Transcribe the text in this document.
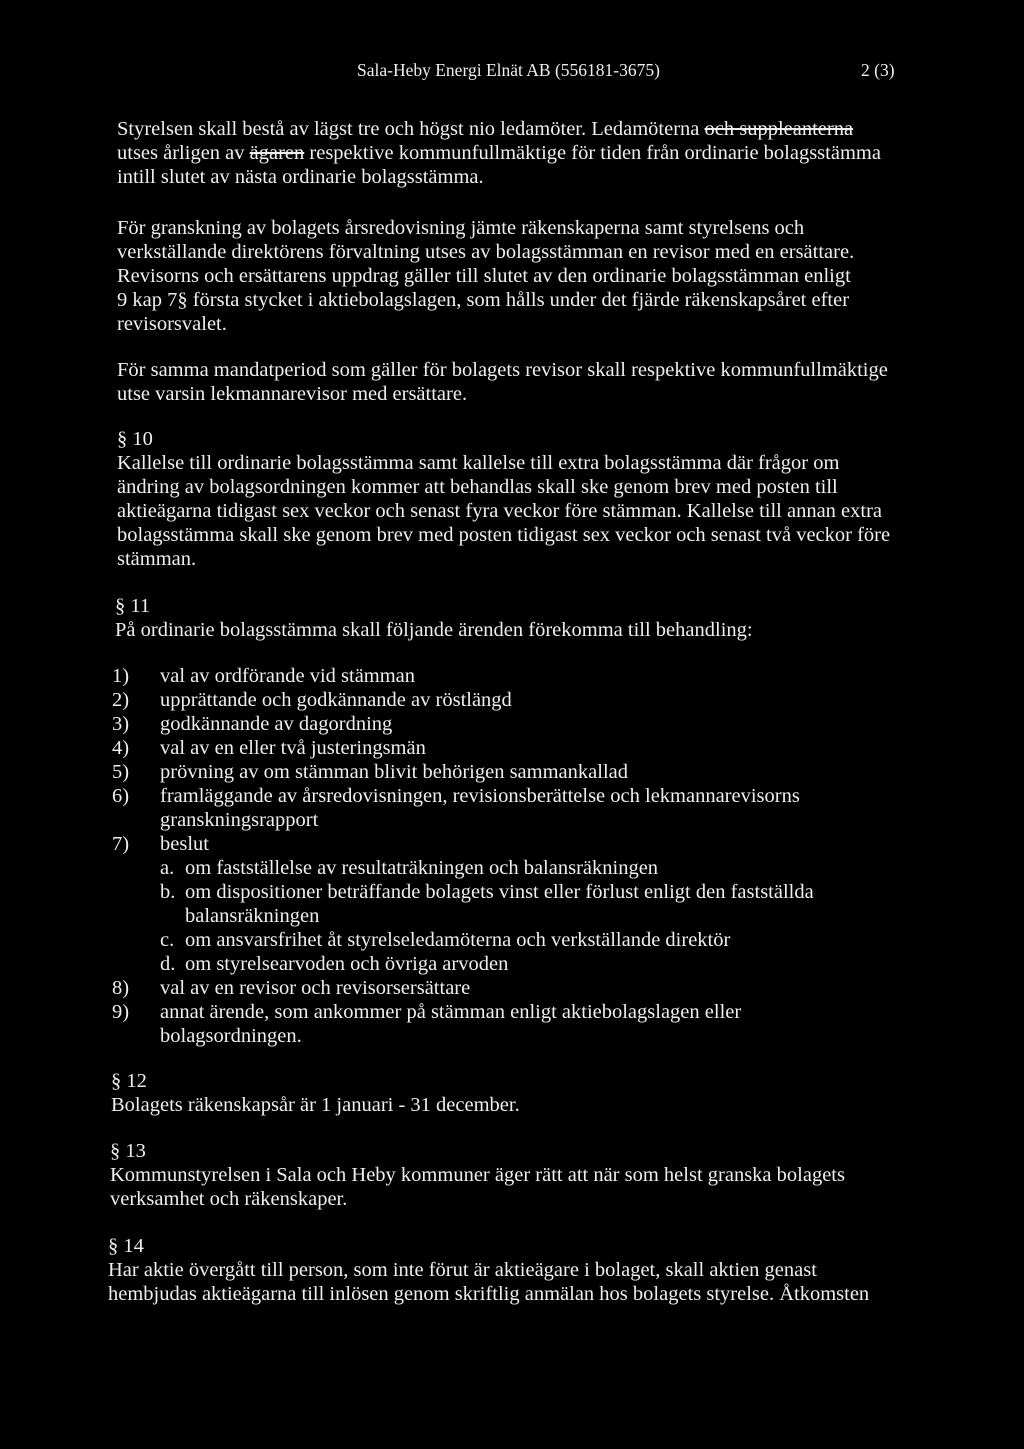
Sala-Heby Energi Elnät AB (556181-3675)	2 (3)
Styrelsen skall bestå av lägst tre och högst nio ledamöter. Ledamöterna och suppleanterna
utses årligen av ägaren respektive kommunfullmäktige för tiden från ordinarie bolagsstämma
intill slutet av nästa ordinarie bolagsstämma.
För granskning av bolagets årsredovisning jämte räkenskaperna samt styrelsens och
verkställande direktörens förvaltning utses av bolagsstämman en revisor med en ersättare.
Revisorns och ersättarens uppdrag gäller till slutet av den ordinarie bolagsstämman enligt
9 kap 7§ första stycket i aktiebolagslagen, som hålls under det fjärde räkenskapsåret efter
revisorsvalet.
För samma mandatperiod som gäller för bolagets revisor skall respektive kommunfullmäktige
utse varsin lekmannarevisor med ersättare.
§ 10
Kallelse till ordinarie bolagsstämma samt kallelse till extra bolagsstämma där frågor om
ändring av bolagsordningen kommer att behandlas skall ske genom brev med posten till
aktieägarna tidigast sex veckor och senast fyra veckor före stämman. Kallelse till annan extra
bolagsstämma skall ske genom brev med posten tidigast sex veckor och senast två veckor före
stämman.
§ 11
På ordinarie bolagsstämma skall följande ärenden förekomma till behandling:
1) val av ordförande vid stämman
2) upprättande och godkännande av röstlängd
3) godkännande av dagordning
4) val av en eller två justeringsmän
5) prövning av om stämman blivit behörigen sammankallad
6) framläggande av årsredovisningen, revisionsberättelse och lekmannarevisorns
granskningsrapport
7) beslut
a. om fastställelse av resultaträkningen och balansräkningen
b. om dispositioner beträffande bolagets vinst eller förlust enligt den fastställda
balansräkningen
c. om ansvarsfrihet åt styrelseledamöterna och verkställande direktör
d. om styrelsearvoden och övriga arvoden
8) val av en revisor och revisorsersättare
9) annat ärende, som ankommer på stämman enligt aktiebolagslagen eller
bolagsordningen.
§ 12
Bolagets räkenskapsår är 1 januari - 31 december.
§ 13
Kommunstyrelsen i Sala och Heby kommuner äger rätt att när som helst granska bolagets
verksamhet och räkenskaper.
§ 14
Har aktie övergått till person, som inte förut är aktieägare i bolaget, skall aktien genast
hembjudas aktieägarna till inlösen genom skriftlig anmälan hos bolagets styrelse. Åtkomsten
